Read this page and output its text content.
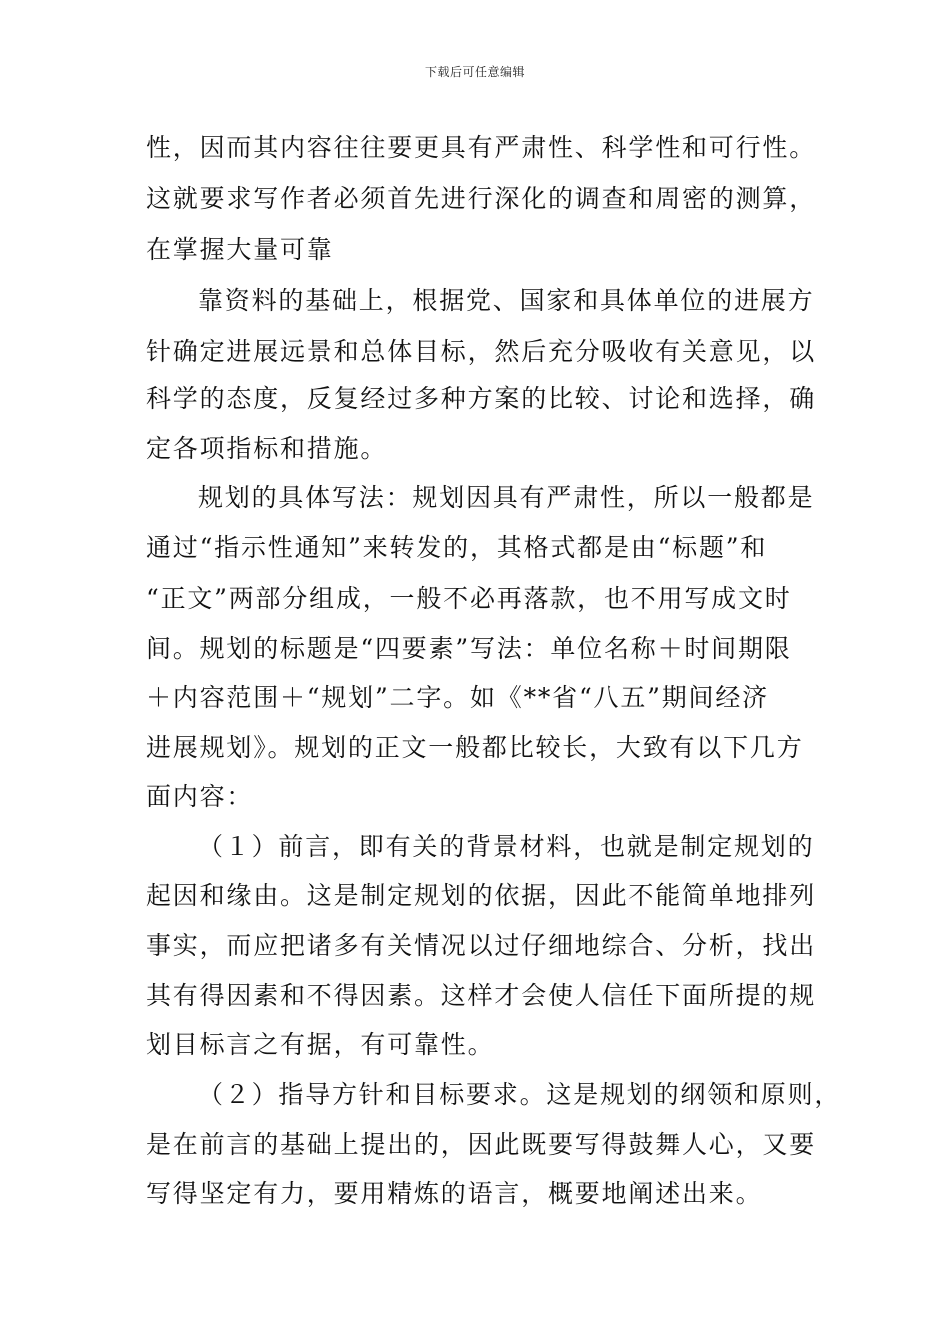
下载后可任意编辑
性，因而其内容往往要更具有严肃性、科学性和可行性。
这就要求写作者必须首先进行深化的调查和周密的测算，
在掌握大量可靠
靠资料的基础上，根据党、国家和具体单位的进展方
针确定进展远景和总体目标，然后充分吸收有关意见，以
科学的态度，反复经过多种方案的比较、讨论和选择，确
定各项指标和措施。
规划的具体写法：规划因具有严肃性，所以一般都是
通过“指示性通知”来转发的，其格式都是由“标题”和
“正文”两部分组成，一般不必再落款，也不用写成文时
间。规划的标题是“四要素”写法：单位名称＋时间期限
＋内容范围＋“规划”二字。如《**省“八五”期间经济
进展规划》。规划的正文一般都比较长，大致有以下几方
面内容：
（１）前言，即有关的背景材料，也就是制定规划的
起因和缘由。这是制定规划的依据，因此不能简单地排列
事实，而应把诸多有关情况以过仔细地综合、分析，找出
其有得因素和不得因素。这样才会使人信任下面所提的规
划目标言之有据，有可靠性。
（２）指导方针和目标要求。这是规划的纲领和原则，
是在前言的基础上提出的，因此既要写得鼓舞人心，又要
写得坚定有力，要用精炼的语言，概要地阐述出来。
